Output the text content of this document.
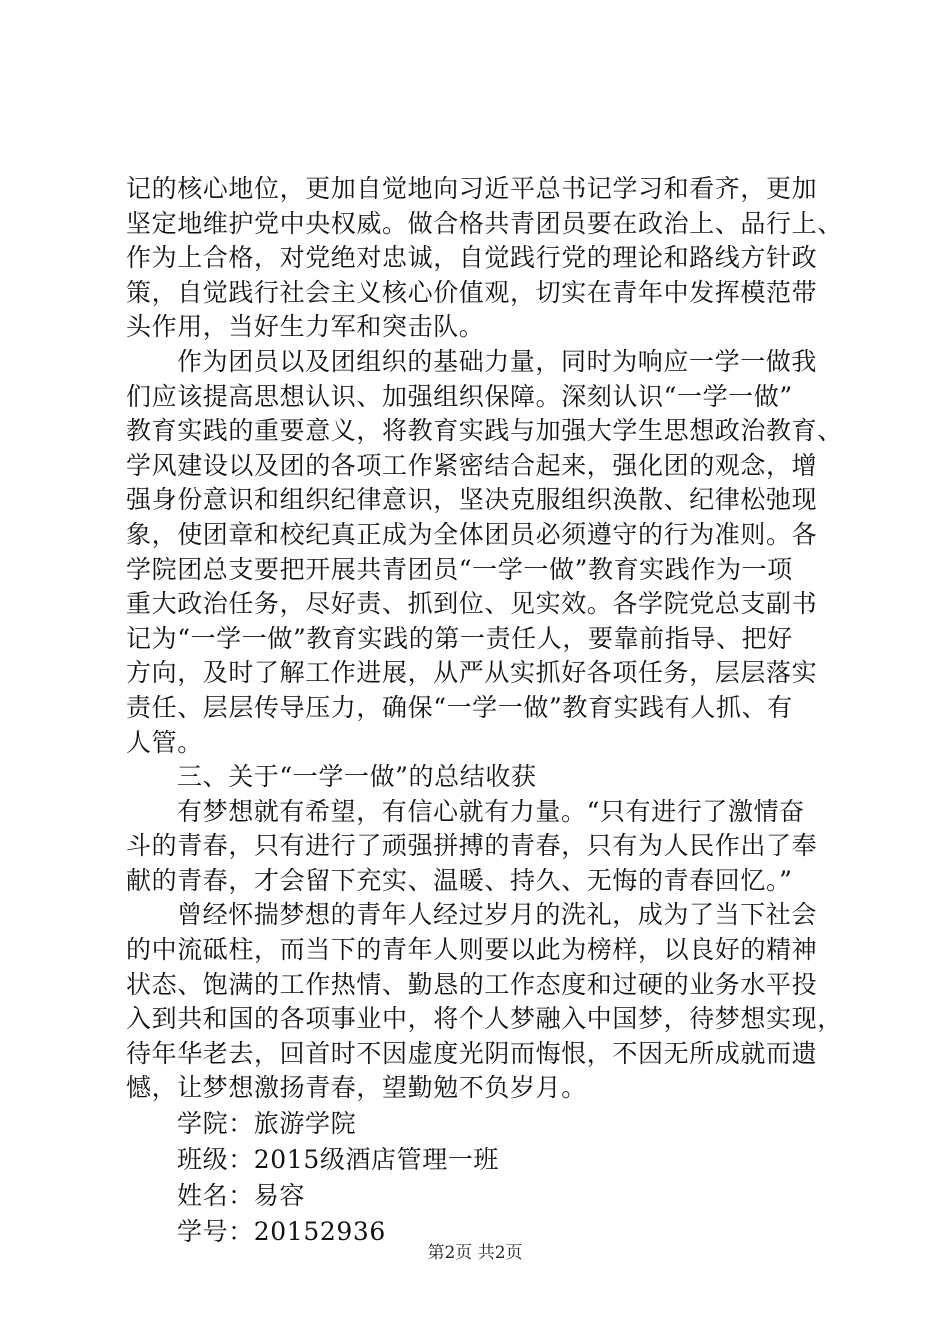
记的核心地位，更加自觉地向习近平总书记学习和看齐，更加
坚定地维护党中央权威。做合格共青团员要在政治上、品行上、
作为上合格，对党绝对忠诚，自觉践行党的理论和路线方针政
策，自觉践行社会主义核心价值观，切实在青年中发挥模范带
头作用，当好生力军和突击队。
作为团员以及团组织的基础力量，同时为响应一学一做我
们应该提高思想认识、加强组织保障。深刻认识“一学一做”
教育实践的重要意义，将教育实践与加强大学生思想政治教育、
学风建设以及团的各项工作紧密结合起来，强化团的观念，增
强身份意识和组织纪律意识，坚决克服组织涣散、纪律松弛现
象，使团章和校纪真正成为全体团员必须遵守的行为准则。各
学院团总支要把开展共青团员“一学一做”教育实践作为一项
重大政治任务，尽好责、抓到位、见实效。各学院党总支副书
记为“一学一做”教育实践的第一责任人，要靠前指导、把好
方向，及时了解工作进展，从严从实抓好各项任务，层层落实
责任、层层传导压力，确保“一学一做”教育实践有人抓、有
人管。
三、关于“一学一做”的总结收获
有梦想就有希望，有信心就有力量。“只有进行了激情奋
斗的青春，只有进行了顽强拼搏的青春，只有为人民作出了奉
献的青春，才会留下充实、温暖、持久、无悔的青春回忆。”
曾经怀揣梦想的青年人经过岁月的洗礼，成为了当下社会
的中流砥柱，而当下的青年人则要以此为榜样，以良好的精神
状态、饱满的工作热情、勤恳的工作态度和过硬的业务水平投
入到共和国的各项事业中，将个人梦融入中国梦，待梦想实现，
待年华老去，回首时不因虚度光阴而悔恨，不因无所成就而遗
憾，让梦想激扬青春，望勤勉不负岁月。
学院：旅游学院
班级：2015级酒店管理一班
姓名：易容
学号：20152936
第2页 共2页
